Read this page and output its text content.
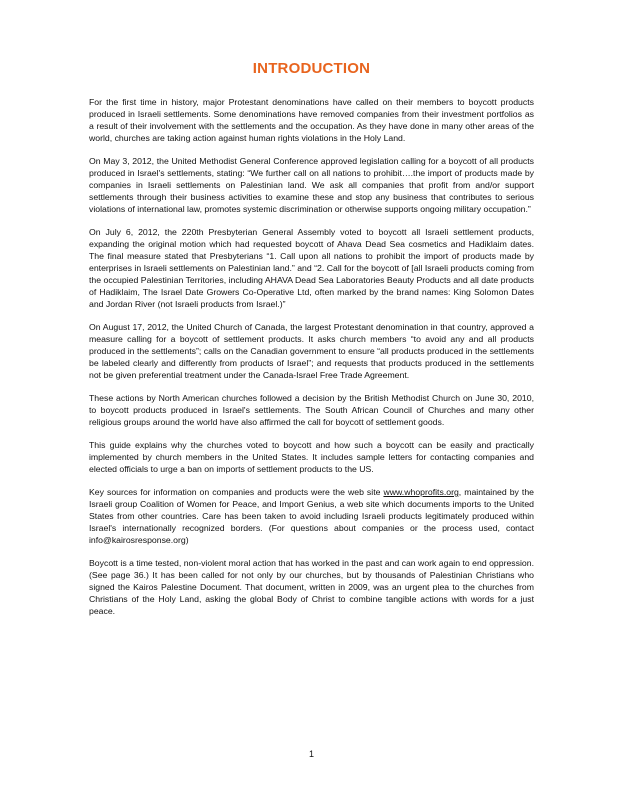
INTRODUCTION

For the first time in history, major Protestant denominations have called on their members to boycott products produced in Israeli settlements. Some denominations have removed companies from their investment portfolios as a result of their involvement with the settlements and the occupation. As they have done in many other areas of the world, churches are taking action against human rights violations in the Holy Land.

On May 3, 2012, the United Methodist General Conference approved legislation calling for a boycott of all products produced in Israel's settlements, stating: “We further call on all nations to prohibit….the import of products made by companies in Israeli settlements on Palestinian land. We ask all companies that profit from and/or support settlements through their business activities to examine these and stop any business that contributes to serious violations of international law, promotes systemic discrimination or otherwise supports ongoing military occupation.”

On July 6, 2012, the 220th Presbyterian General Assembly voted to boycott all Israeli settlement products, expanding the original motion which had requested boycott of Ahava Dead Sea cosmetics and Hadiklaim dates. The final measure stated that Presbyterians “1. Call upon all nations to prohibit the import of products made by enterprises in Israeli settlements on Palestinian land.” and “2. Call for the boycott of [all Israeli products coming from the occupied Palestinian Territories, including AHAVA Dead Sea Laboratories Beauty Products and all date products of Hadiklaim, The Israel Date Growers Co-Operative Ltd, often marked by the brand names: King Solomon Dates and Jordan River (not Israeli products from Israel.)”

On August 17, 2012, the United Church of Canada, the largest Protestant denomination in that country, approved a measure calling for a boycott of settlement products. It asks church members “to avoid any and all products produced in the settlements”; calls on the Canadian government to ensure “all products produced in the settlements be labeled clearly and differently from products of Israel”; and requests that products produced in the settlements not be given preferential treatment under the Canada-Israel Free Trade Agreement.

These actions by North American churches followed a decision by the British Methodist Church on June 30, 2010, to boycott products produced in Israel's settlements. The South African Council of Churches and many other religious groups around the world have also affirmed the call for boycott of settlement goods.

This guide explains why the churches voted to boycott and how such a boycott can be easily and practically implemented by church members in the United States. It includes sample letters for contacting companies and elected officials to urge a ban on imports of settlement products to the US.

Key sources for information on companies and products were the web site www.whoprofits.org, maintained by the Israeli group Coalition of Women for Peace, and Import Genius, a web site which documents imports to the United States from other countries. Care has been taken to avoid including Israeli products legitimately produced within Israel's internationally recognized borders. (For questions about companies or the process used, contact info@kairosresponse.org)

Boycott is a time tested, non-violent moral action that has worked in the past and can work again to end oppression. (See page 36.) It has been called for not only by our churches, but by thousands of Palestinian Christians who signed the Kairos Palestine Document. That document, written in 2009, was an urgent plea to the churches from Christians of the Holy Land, asking the global Body of Christ to combine tangible actions with words for a just peace.

1
